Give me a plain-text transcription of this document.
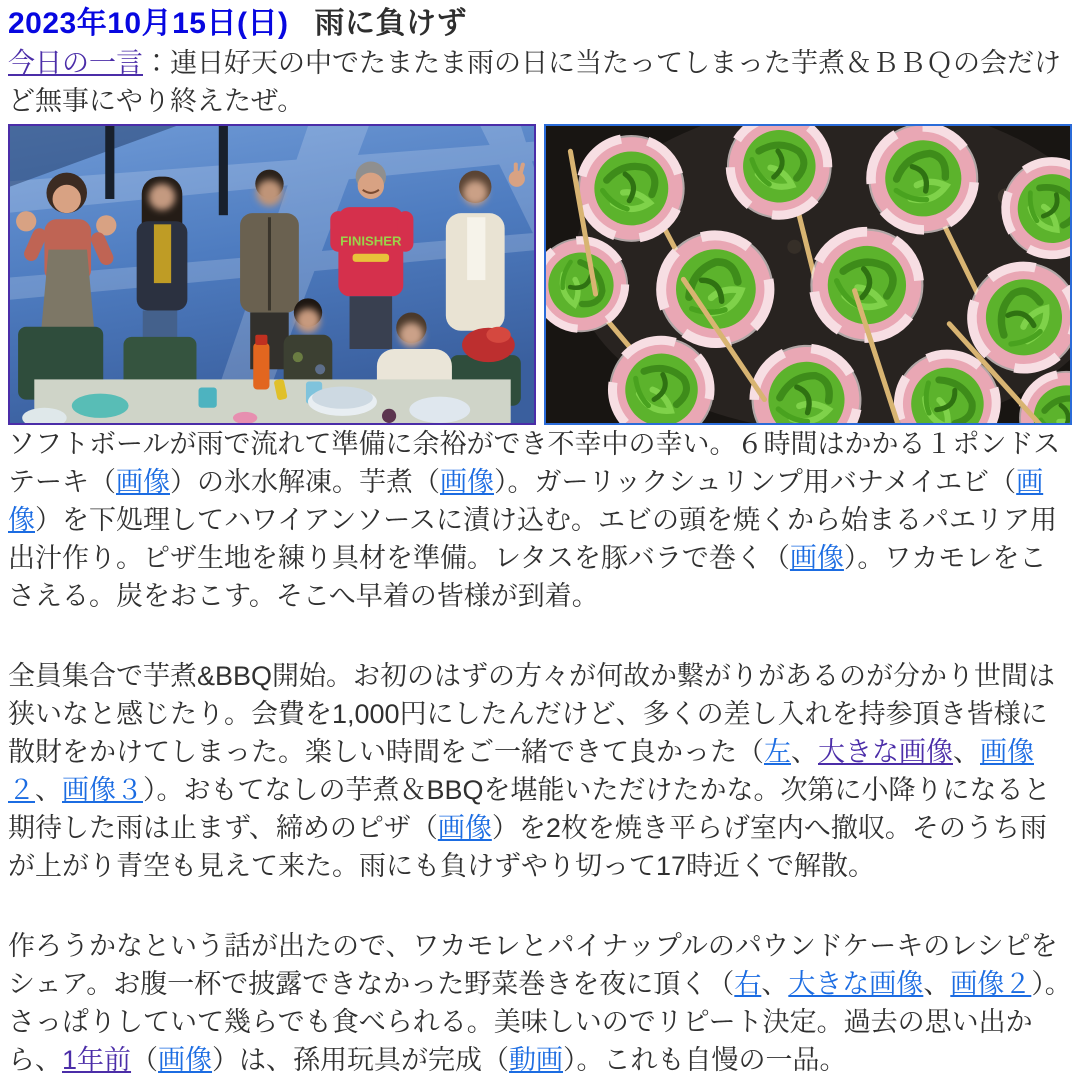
2023年10月15日(日) 雨に負けず

今日の一言：連日好天の中でたまたま雨の日に当たってしまった芋煮＆ＢＢＱの会だけど無事にやり終えたぜ。

FINISHER

ソフトボールが雨で流れて準備に余裕ができ不幸中の幸い。６時間はかかる１ポンドステーキ（画像）の氷水解凍。芋煮（画像）。ガーリックシュリンプ用バナメイエビ（画像）を下処理してハワイアンソースに漬け込む。エビの頭を焼くから始まるパエリア用出汁作り。ピザ生地を練り具材を準備。レタスを豚バラで巻く（画像）。ワカモレをこさえる。炭をおこす。そこへ早着の皆様が到着。

全員集合で芋煮&BBQ開始。お初のはずの方々が何故か繋がりがあるのが分かり世間は狭いなと感じたり。会費を1,000円にしたんだけど、多くの差し入れを持参頂き皆様に散財をかけてしまった。楽しい時間をご一緒できて良かった（左、大きな画像、画像２、画像３）。おもてなしの芋煮＆BBQを堪能いただけたかな。次第に小降りになると期待した雨は止まず、締めのピザ（画像）を2枚を焼き平らげ室内へ撤収。そのうち雨が上がり青空も見えて来た。雨にも負けずやり切って17時近くで解散。

作ろうかなという話が出たので、ワカモレとパイナップルのパウンドケーキのレシピをシェア。お腹一杯で披露できなかった野菜巻きを夜に頂く（右、大きな画像、画像２）。さっぱりしていて幾らでも食べられる。美味しいのでリピート決定。過去の思い出から、1年前（画像）は、孫用玩具が完成（動画）。これも自慢の一品。
